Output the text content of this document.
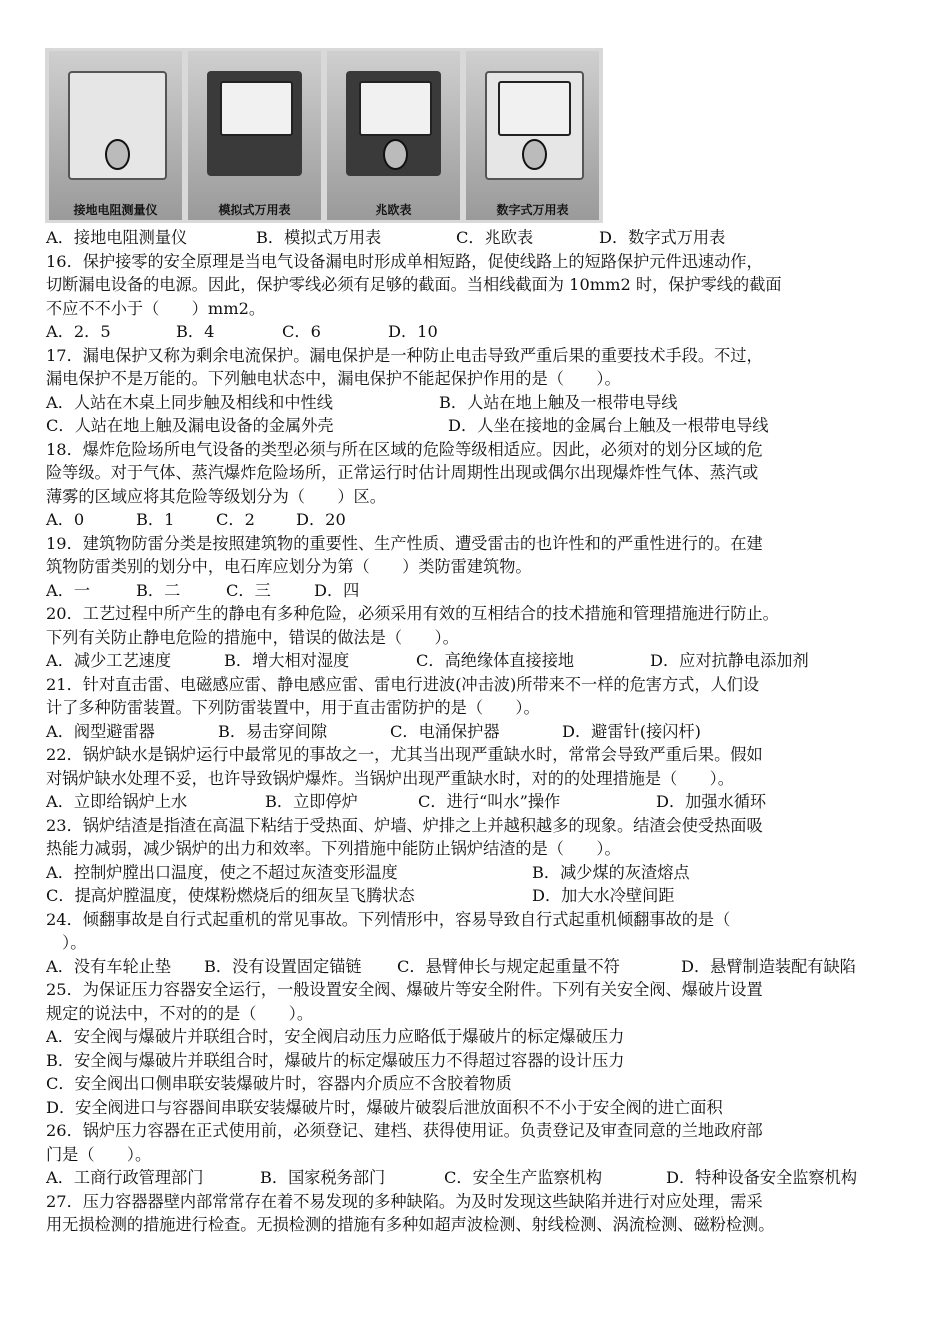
接地电阻测量仪	模拟式万用表	兆欧表	数字式万用表
A．接地电阻测量仪	B．模拟式万用表	C．兆欧表	D．数字式万用表
16．保护接零的安全原理是当电气设备漏电时形成单相短路，促使线路上的短路保护元件迅速动作，
切断漏电设备的电源。因此，保护零线必须有足够的截面。当相线截面为 10mm2 时，保护零线的截面
不应不不小于（　　）mm2。
A．2．5	B．4	C．6	D．10
17．漏电保护又称为剩余电流保护。漏电保护是一种防止电击导致严重后果的重要技术手段。不过，
漏电保护不是万能的。下列触电状态中，漏电保护不能起保护作用的是（　　）。
A．人站在木桌上同步触及相线和中性线	B．人站在地上触及一根带电导线
C．人站在地上触及漏电设备的金属外壳	D．人坐在接地的金属台上触及一根带电导线
18．爆炸危险场所电气设备的类型必须与所在区域的危险等级相适应。因此，必须对的划分区域的危
险等级。对于气体、蒸汽爆炸危险场所，正常运行时估计周期性出现或偶尔出现爆炸性气体、蒸汽或
薄雾的区域应将其危险等级划分为（　　）区。
A．0	B．1	C．2	D．20
19．建筑物防雷分类是按照建筑物的重要性、生产性质、遭受雷击的也许性和的严重性进行的。在建
筑物防雷类别的划分中，电石库应划分为第（　　）类防雷建筑物。
A．一	B．二	C．三	D．四
20．工艺过程中所产生的静电有多种危险，必须采用有效的互相结合的技术措施和管理措施进行防止。
下列有关防止静电危险的措施中，错误的做法是（　　）。
A．减少工艺速度	B．增大相对湿度	C．高绝缘体直接接地	D．应对抗静电添加剂
21．针对直击雷、电磁感应雷、静电感应雷、雷电行进波(冲击波)所带来不一样的危害方式，人们设
计了多种防雷装置。下列防雷装置中，用于直击雷防护的是（　　）。
A．阀型避雷器	B．易击穿间隙	C．电涌保护器	D．避雷针(接闪杆)
22．锅炉缺水是锅炉运行中最常见的事故之一，尤其当出现严重缺水时，常常会导致严重后果。假如
对锅炉缺水处理不妥，也许导致锅炉爆炸。当锅炉出现严重缺水时，对的的处理措施是（　　）。
A．立即给锅炉上水	B．立即停炉	C．进行“叫水”操作	D．加强水循环
23．锅炉结渣是指渣在高温下粘结于受热面、炉墙、炉排之上并越积越多的现象。结渣会使受热面吸
热能力减弱，减少锅炉的出力和效率。下列措施中能防止锅炉结渣的是（　　）。
A．控制炉膛出口温度，使之不超过灰渣变形温度	B．减少煤的灰渣熔点
C．提高炉膛温度，使煤粉燃烧后的细灰呈飞腾状态	D．加大水冷壁间距
24．倾翻事故是自行式起重机的常见事故。下列情形中，容易导致自行式起重机倾翻事故的是（
　）。
A．没有车轮止垫	B．没有设置固定锚链	C．悬臂伸长与规定起重量不符	D．悬臂制造装配有缺陷
25．为保证压力容器安全运行，一般设置安全阀、爆破片等安全附件。下列有关安全阀、爆破片设置
规定的说法中，不对的的是（　　）。
A．安全阀与爆破片并联组合时，安全阀启动压力应略低于爆破片的标定爆破压力
B．安全阀与爆破片并联组合时，爆破片的标定爆破压力不得超过容器的设计压力
C．安全阀出口侧串联安装爆破片时，容器内介质应不含胶着物质
D．安全阀进口与容器间串联安装爆破片时，爆破片破裂后泄放面积不不小于安全阀的进亡面积
26．锅炉压力容器在正式使用前，必须登记、建档、获得使用证。负责登记及审查同意的兰地政府部
门是（　　）。
A．工商行政管理部门	B．国家税务部门	C．安全生产监察机构	D．特种设备安全监察机构
27．压力容器器壁内部常常存在着不易发现的多种缺陷。为及时发现这些缺陷并进行对应处理，需采
用无损检测的措施进行检查。无损检测的措施有多种如超声波检测、射线检测、涡流检测、磁粉检测。
